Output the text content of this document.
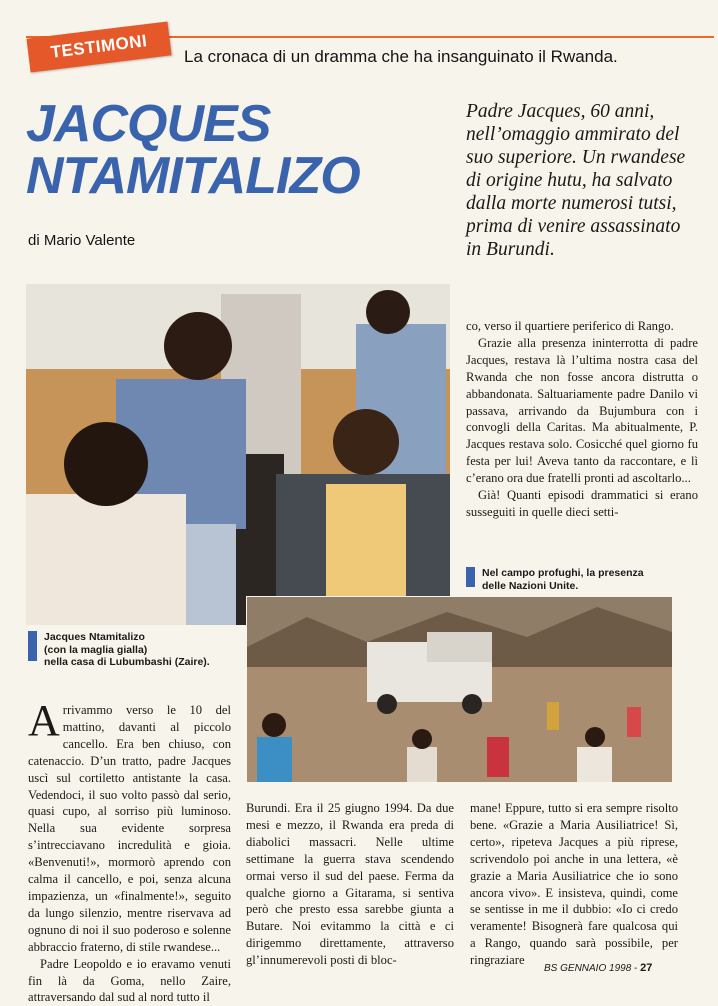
TESTIMONI	La cronaca di un dramma che ha insanguinato il Rwanda.
JACQUES
NTAMITALIZO
di Mario Valente
Padre Jacques, 60 anni, nell’omaggio ammirato del suo superiore. Un rwandese di origine hutu, ha salvato dalla morte numerosi tutsi, prima di venire assassinato in Burundi.
Jacques Ntamitalizo
(con la maglia gialla)
nella casa di Lubumbashi (Zaire).

co, verso il quartiere periferico di Rango.

Grazie alla presenza ininterrotta di padre Jacques, restava là l’ultima nostra casa del Rwanda che non fosse ancora distrutta o abbandonata. Saltuariamente padre Danilo vi passava, arrivando da Bujumbura con i convogli della Caritas. Ma abitualmente, P. Jacques restava solo. Cosicché quel giorno fu festa per lui! Aveva tanto da raccontare, e lì c’erano ora due fratelli pronti ad ascoltarlo...

Già! Quanti episodi drammatici si erano susseguiti in quelle dieci setti-

Nel campo profughi, la presenza
delle Nazioni Unite.

Arrivammo verso le 10 del mattino, davanti al piccolo cancello. Era ben chiuso, con catenaccio. D’un tratto, padre Jacques uscì sul cortiletto antistante la casa. Vedendoci, il suo volto passò dal serio, quasi cupo, al sorriso più luminoso. Nella sua evidente sorpresa s’intrecciavano incredulità e gioia. «Benvenuti!», mormorò aprendo con calma il cancello, e poi, senza alcuna impazienza, un «finalmente!», seguito da lungo silenzio, mentre riservava ad ognuno di noi il suo poderoso e solenne abbraccio fraterno, di stile rwandese...

Padre Leopoldo e io eravamo venuti fin là da Goma, nello Zaire, attraversando dal sud al nord tutto il

Burundi. Era il 25 giugno 1994. Da due mesi e mezzo, il Rwanda era preda di diabolici massacri. Nelle ultime settimane la guerra stava scendendo ormai verso il sud del paese. Ferma da qualche giorno a Gitarama, si sentiva però che presto essa sarebbe giunta a Butare. Noi evitammo la città e ci dirigemmo direttamente, attraverso gl’innumerevoli posti di bloc-
mane! Eppure, tutto si era sempre risolto bene. «Grazie a Maria Ausiliatrice! Sì, certo», ripeteva Jacques a più riprese, scrivendolo poi anche in una lettera, «è grazie a Maria Ausiliatrice che io sono ancora vivo». E insisteva, quindi, come se sentisse in me il dubbio: «Io ci credo veramente! Bisognerà fare qualcosa qui a Rango, quando sarà possibile, per ringraziare
BS GENNAIO 1998 - 27
